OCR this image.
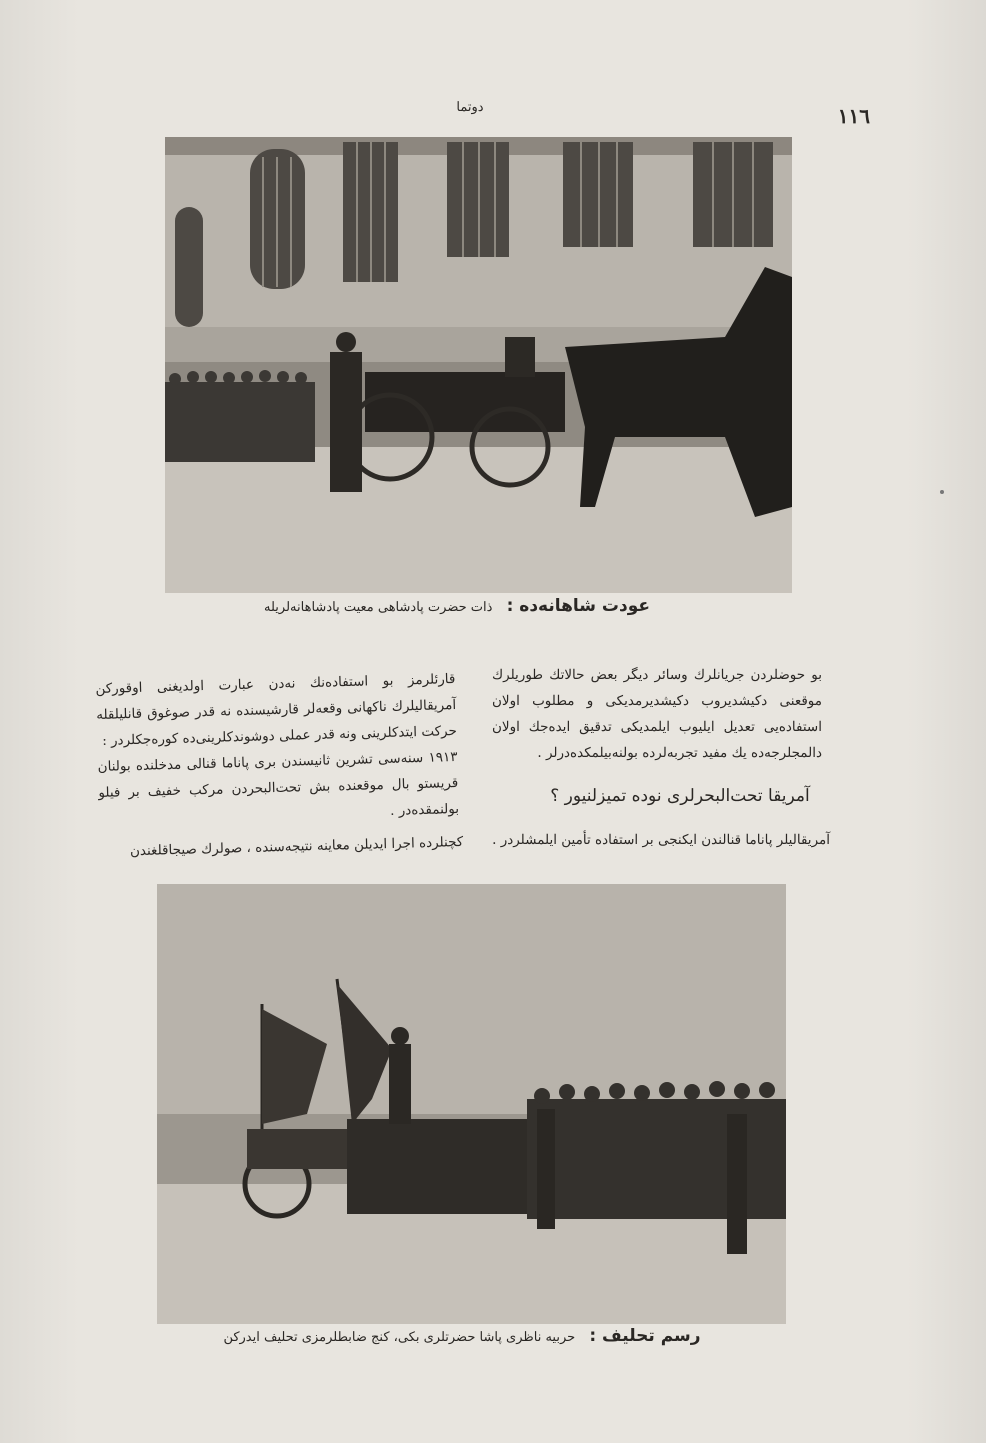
دوتما	۱۱٦
عودت شاهانه‌ده : ذات حضرت پادشاهی معیت پادشاهانه‌لریله

بو حوضلردن جریانلرك وسائر دیگر بعض حالاتك طوریلرك موقعنی دکیشدیروب دکیشدیرمدیکی و مطلوب اولان استفاده‌یی تعدیل ایلیوب ایلمدیکی تدقیق ایده‌جك اولان دالمجلرجه‌ده یك مفید تجربه‌لرده بولنه‌بیلمکده‌درلر .

آمریقا تحت‌البحرلری نوده تمیزلنیور ؟
آمریقالیلر پاناما قنالندن ایکنجی بر استفاده تأمین ایلمشلردر .

قارئلرمز بو استفاده‌نك نه‌دن عبارت اولدیغنی اوقورکن آمریقالیلرك ناکهانی وقعه‌لر قارشیسنده نه قدر صوغوق قانلیلقله حرکت ایتدکلرینی ونه قدر عملی دوشوندکلرینی‌ده کوره‌جکلردر :

۱۹۱۳ سنه‌سی تشرین ثانیسندن بری پاناما قنالی مدخلنده بولنان قریستو بال موقعنده بش تحت‌البحردن مرکب خفیف بر فیلو بولنمقده‌در .

کچنلرده اجرا ایدیلن معاینه نتیجه‌سنده ، صولرك صیجاقلغندن
رسم تحلیف : حربیه ناظری پاشا حضرتلری بکی، کنج ضابطلرمزی تحلیف ایدرکن
